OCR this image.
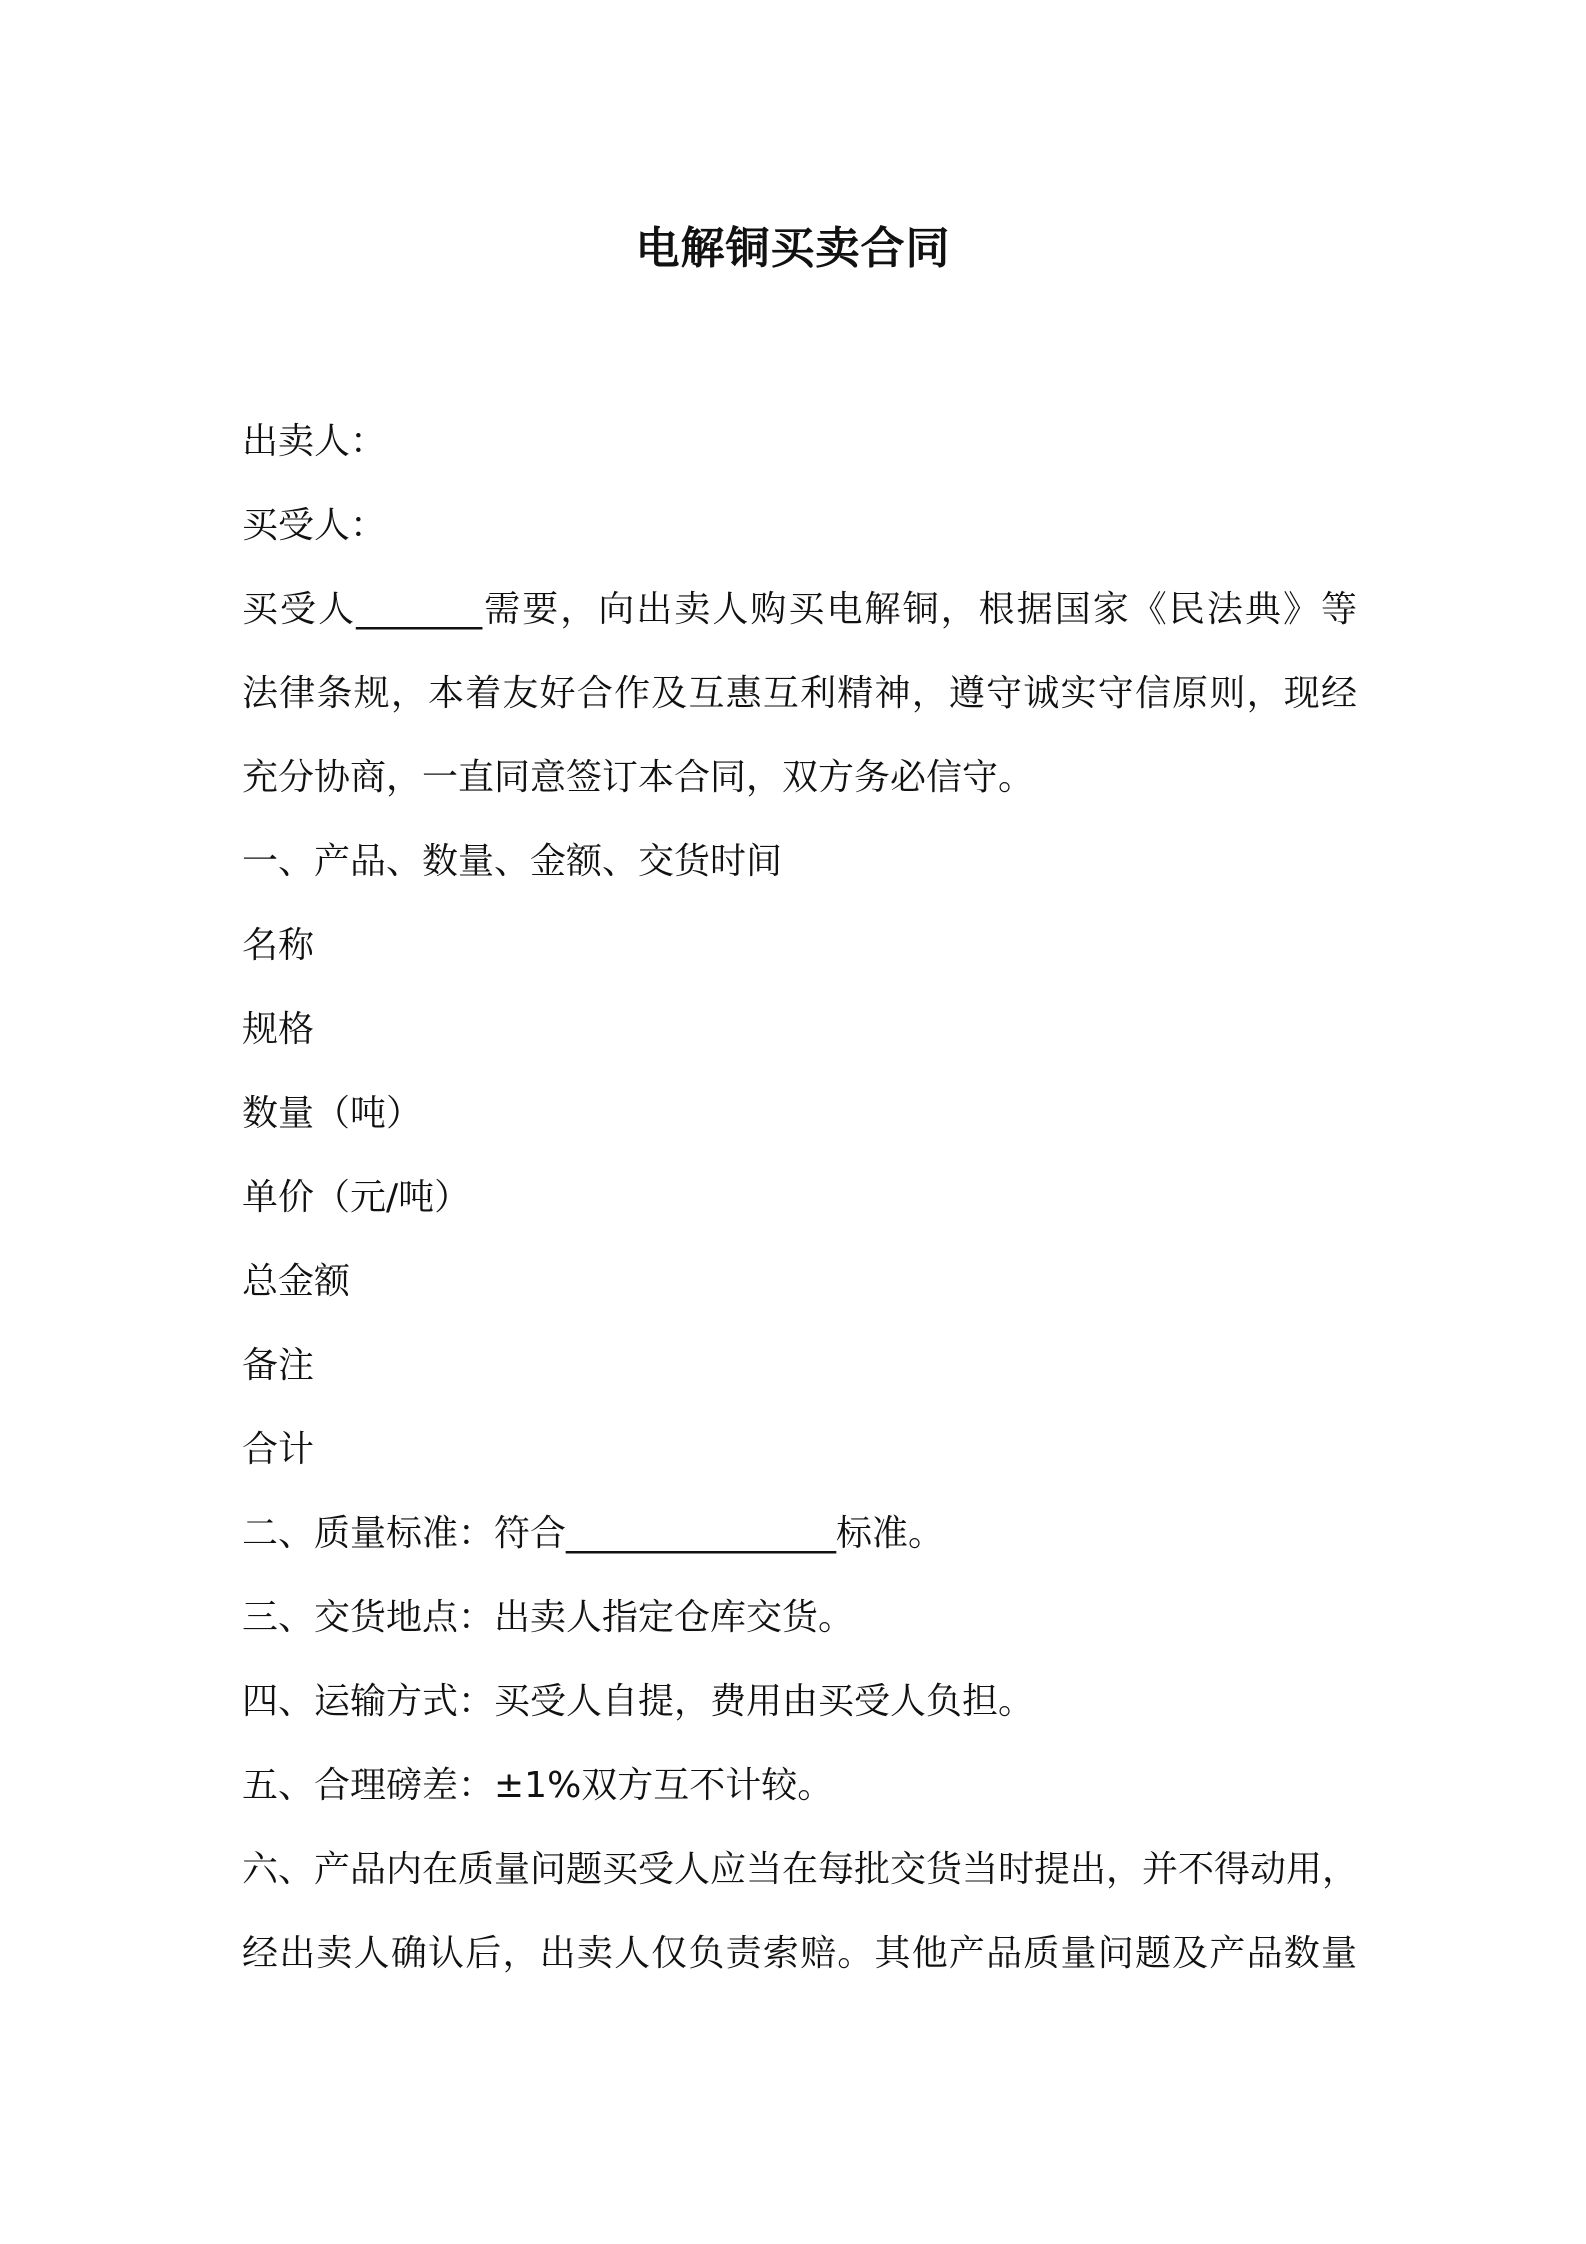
电解铜买卖合同

出卖人：

买受人：

买受人_______需要，向出卖人购买电解铜，根据国家《民法典》等

法律条规，本着友好合作及互惠互利精神，遵守诚实守信原则，现经

充分协商，一直同意签订本合同，双方务必信守。

一、产品、数量、金额、交货时间

名称

规格

数量（吨）

单价（元/吨）

总金额

备注

合计

二、质量标准：符合_______________标准。

三、交货地点：出卖人指定仓库交货。

四、运输方式：买受人自提，费用由买受人负担。

五、合理磅差：±1%双方互不计较。

六、产品内在质量问题买受人应当在每批交货当时提出，并不得动用，

经出卖人确认后，出卖人仅负责索赔。其他产品质量问题及产品数量
